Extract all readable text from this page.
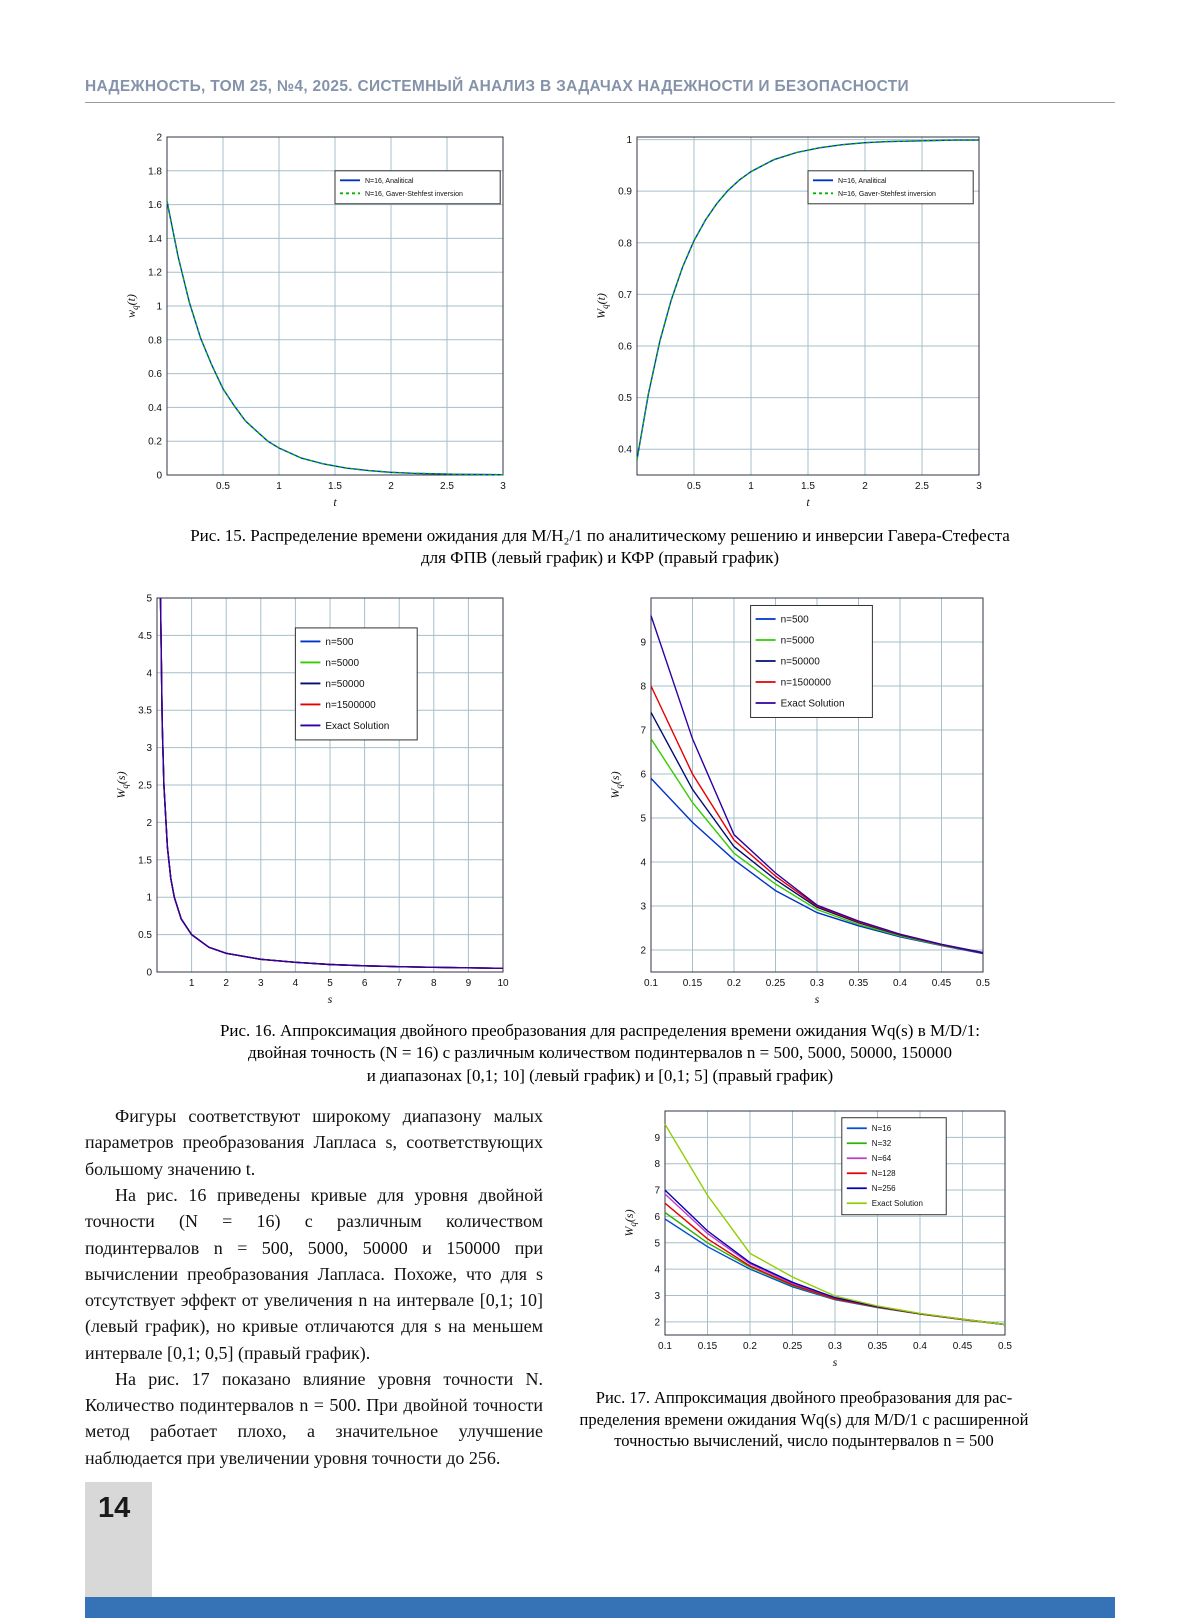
НАДЕЖНОСТЬ, ТОМ 25, №4, 2025. СИСТЕМНЫЙ АНАЛИЗ В ЗАДАЧАХ НАДЕЖНОСТИ И БЕЗОПАСНОСТИ
0.5	1	1.5	2	2.5	3
0
0.2
0.4
0.6
0.8
1
1.2
1.4
1.6
1.8
2
t
$w_q(t)$
N=16, Analitical
N=16, Gaver-Stehfest inversion
0.5	1	1.5	2	2.5	3
0.4
0.5
0.6
0.7
0.8
0.9
1
t
$W_q(t)$
N=16, Analitical
N=16, Gaver-Stehfest inversion
Рис. 15. Распределение времени ожидания для M/H₂/1 по аналитическому решению и инверсии Гавера-Стефеста
для ФПВ (левый график) и КФР (правый график)
1	2	3	4	5	6	7	8	9	10
0
0.5
1
1.5
2
2.5
3
3.5
4
4.5
5
s
$W_q(s)$
n=500
n=5000
n=50000
n=1500000
Exact Solution
0.1 0.15 0.2 0.25 0.3 0.35 0.4 0.45 0.5
2
3
4
5
6
7
8
9
s
$W_q(s)$
n=500
n=5000
n=50000
n=1500000
Exact Solution
Рис. 16. Аппроксимация двойного преобразования для распределения времени ожидания Wq(s) в M/D/1:
двойная точность (N = 16) с различным количеством подинтервалов n = 500, 5000, 50000, 150000
и диапазонах [0,1; 10] (левый график) и [0,1; 5] (правый график)

Фигуры соответствуют широкому диапазону малых параметров преобразования Лапласа s, соответствующих большому значению t.

На рис. 16 приведены кривые для уровня двойной точности (N = 16) с различным количеством подинтервалов n = 500, 5000, 50000 и 150000 при вычислении преобразования Лапласа. Похоже, что для s отсутствует эффект от увеличения n на интервале [0,1; 10] (левый график), но кривые отличаются для s на меньшем интервале [0,1; 0,5] (правый график).

На рис. 17 показано влияние уровня точности N. Количество подинтервалов n = 500. При двойной точности метод работает плохо, а значительное улучшение наблюдается при увеличении уровня точности до 256.

0.1	0.15	0.2	0.25	0.3	0.35	0.4	0.45	0.5
2
3
4
5
6
7
8
9
s
$W_q(s)$
N=16
N=32
N=64
N=128
N=256
Exact Solution
Рис. 17. Аппроксимация двойного преобразования для распределения времени ожидания Wq(s) для M/D/1 с расширенной точностью вычислений, число подынтервалов n = 500
14
